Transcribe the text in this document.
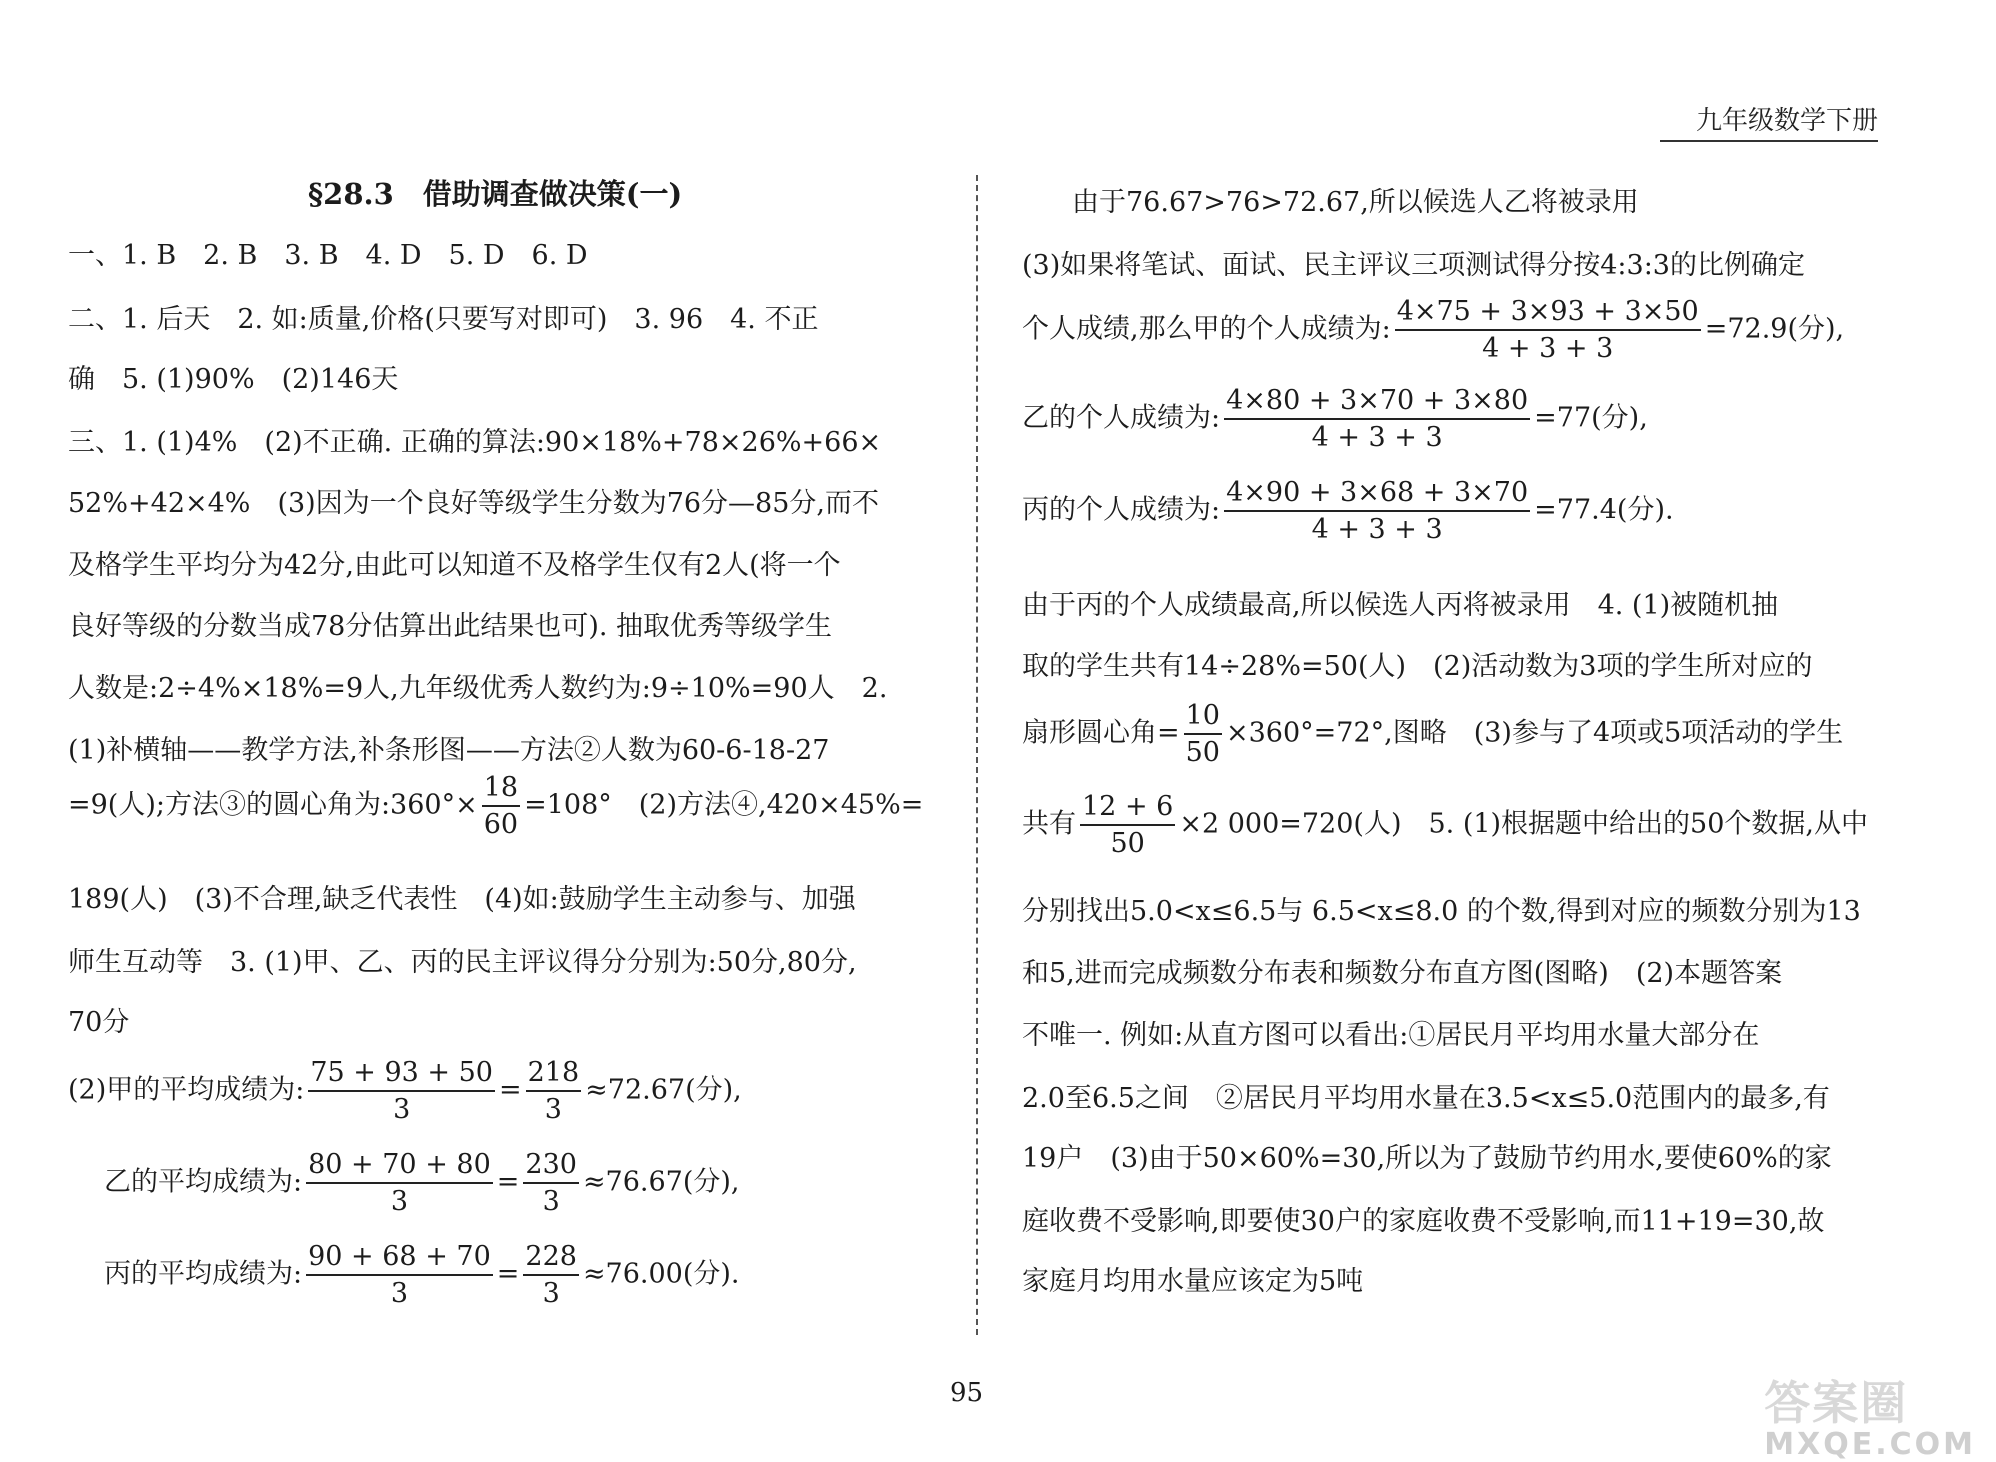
九年级数学下册

§28.3　借助调查做决策(一)

一、1. B　2. B　3. B　4. D　5. D　6. D

二、1. 后天　2. 如:质量,价格(只要写对即可)　3. 96　4. 不正

确　5. (1)90%　(2)146天

三、1. (1)4%　(2)不正确. 正确的算法:90×18%+78×26%+66×

52%+42×4%　(3)因为一个良好等级学生分数为76分—85分,而不

及格学生平均分为42分,由此可以知道不及格学生仅有2人(将一个

良好等级的分数当成78分估算出此结果也可). 抽取优秀等级学生

人数是:2÷4%×18%=9人,九年级优秀人数约为:9÷10%=90人　2.

(1)补横轴——教学方法,补条形图——方法②人数为60-6-18-27

=9(人);方法③的圆心角为:360°× $\frac{18}{60} =108^\circ$　(2)方法④,420×45%=

189(人)　(3)不合理,缺乏代表性　(4)如:鼓励学生主动参与、加强

师生互动等　3. (1)甲、乙、丙的民主评议得分分别为:50分,80分,

70分

(2)甲的平均成绩为: $\frac{75 + 93 + 50}{3} = \frac{218}{3} \approx 72.67$(分),

乙的平均成绩为: $\frac{80 + 70 + 80}{3} = \frac{230}{3} \approx 76.67$(分),

丙的平均成绩为: $\frac{90 + 68 + 70}{3} = \frac{228}{3} \approx 76.00$(分).

由于76.67>76>72.67,所以候选人乙将被录用

(3)如果将笔试、面试、民主评议三项测试得分按4:3:3的比例确定

个人成绩,那么甲的个人成绩为: $\frac{4\times 75 + 3\times 93 + 3\times 50}{4 + 3 + 3} =72.9$(分),

乙的个人成绩为: $\frac{4\times 80 + 3\times 70 + 3\times 80}{4 + 3 + 3} =77$(分),

丙的个人成绩为: $\frac{4\times 90 + 3\times 68 + 3\times 70}{4 + 3 + 3} =77.4$(分).

由于丙的个人成绩最高,所以候选人丙将被录用　4. (1)被随机抽

取的学生共有14÷28%=50(人)　(2)活动数为3项的学生所对应的

扇形圆心角= $\frac{10}{50} \times 360^\circ=72^\circ$,图略　(3)参与了4项或5项活动的学生

共有 $\frac{12 + 6}{50} \times 2$ 000=720(人)　5. (1)根据题中给出的50个数据,从中

分别找出5.0<x≤6.5与 6.5<x≤8.0 的个数,得到对应的频数分别为13

和5,进而完成频数分布表和频数分布直方图(图略)　(2)本题答案

不唯一. 例如:从直方图可以看出:①居民月平均用水量大部分在

2.0至6.5之间　②居民月平均用水量在3.5<x≤5.0范围内的最多,有

19户　(3)由于50×60%=30,所以为了鼓励节约用水,要使60%的家

庭收费不受影响,即要使30户的家庭收费不受影响,而11+19=30,故

家庭月均用水量应该定为5吨

95	答案圈
MXQE.COM
